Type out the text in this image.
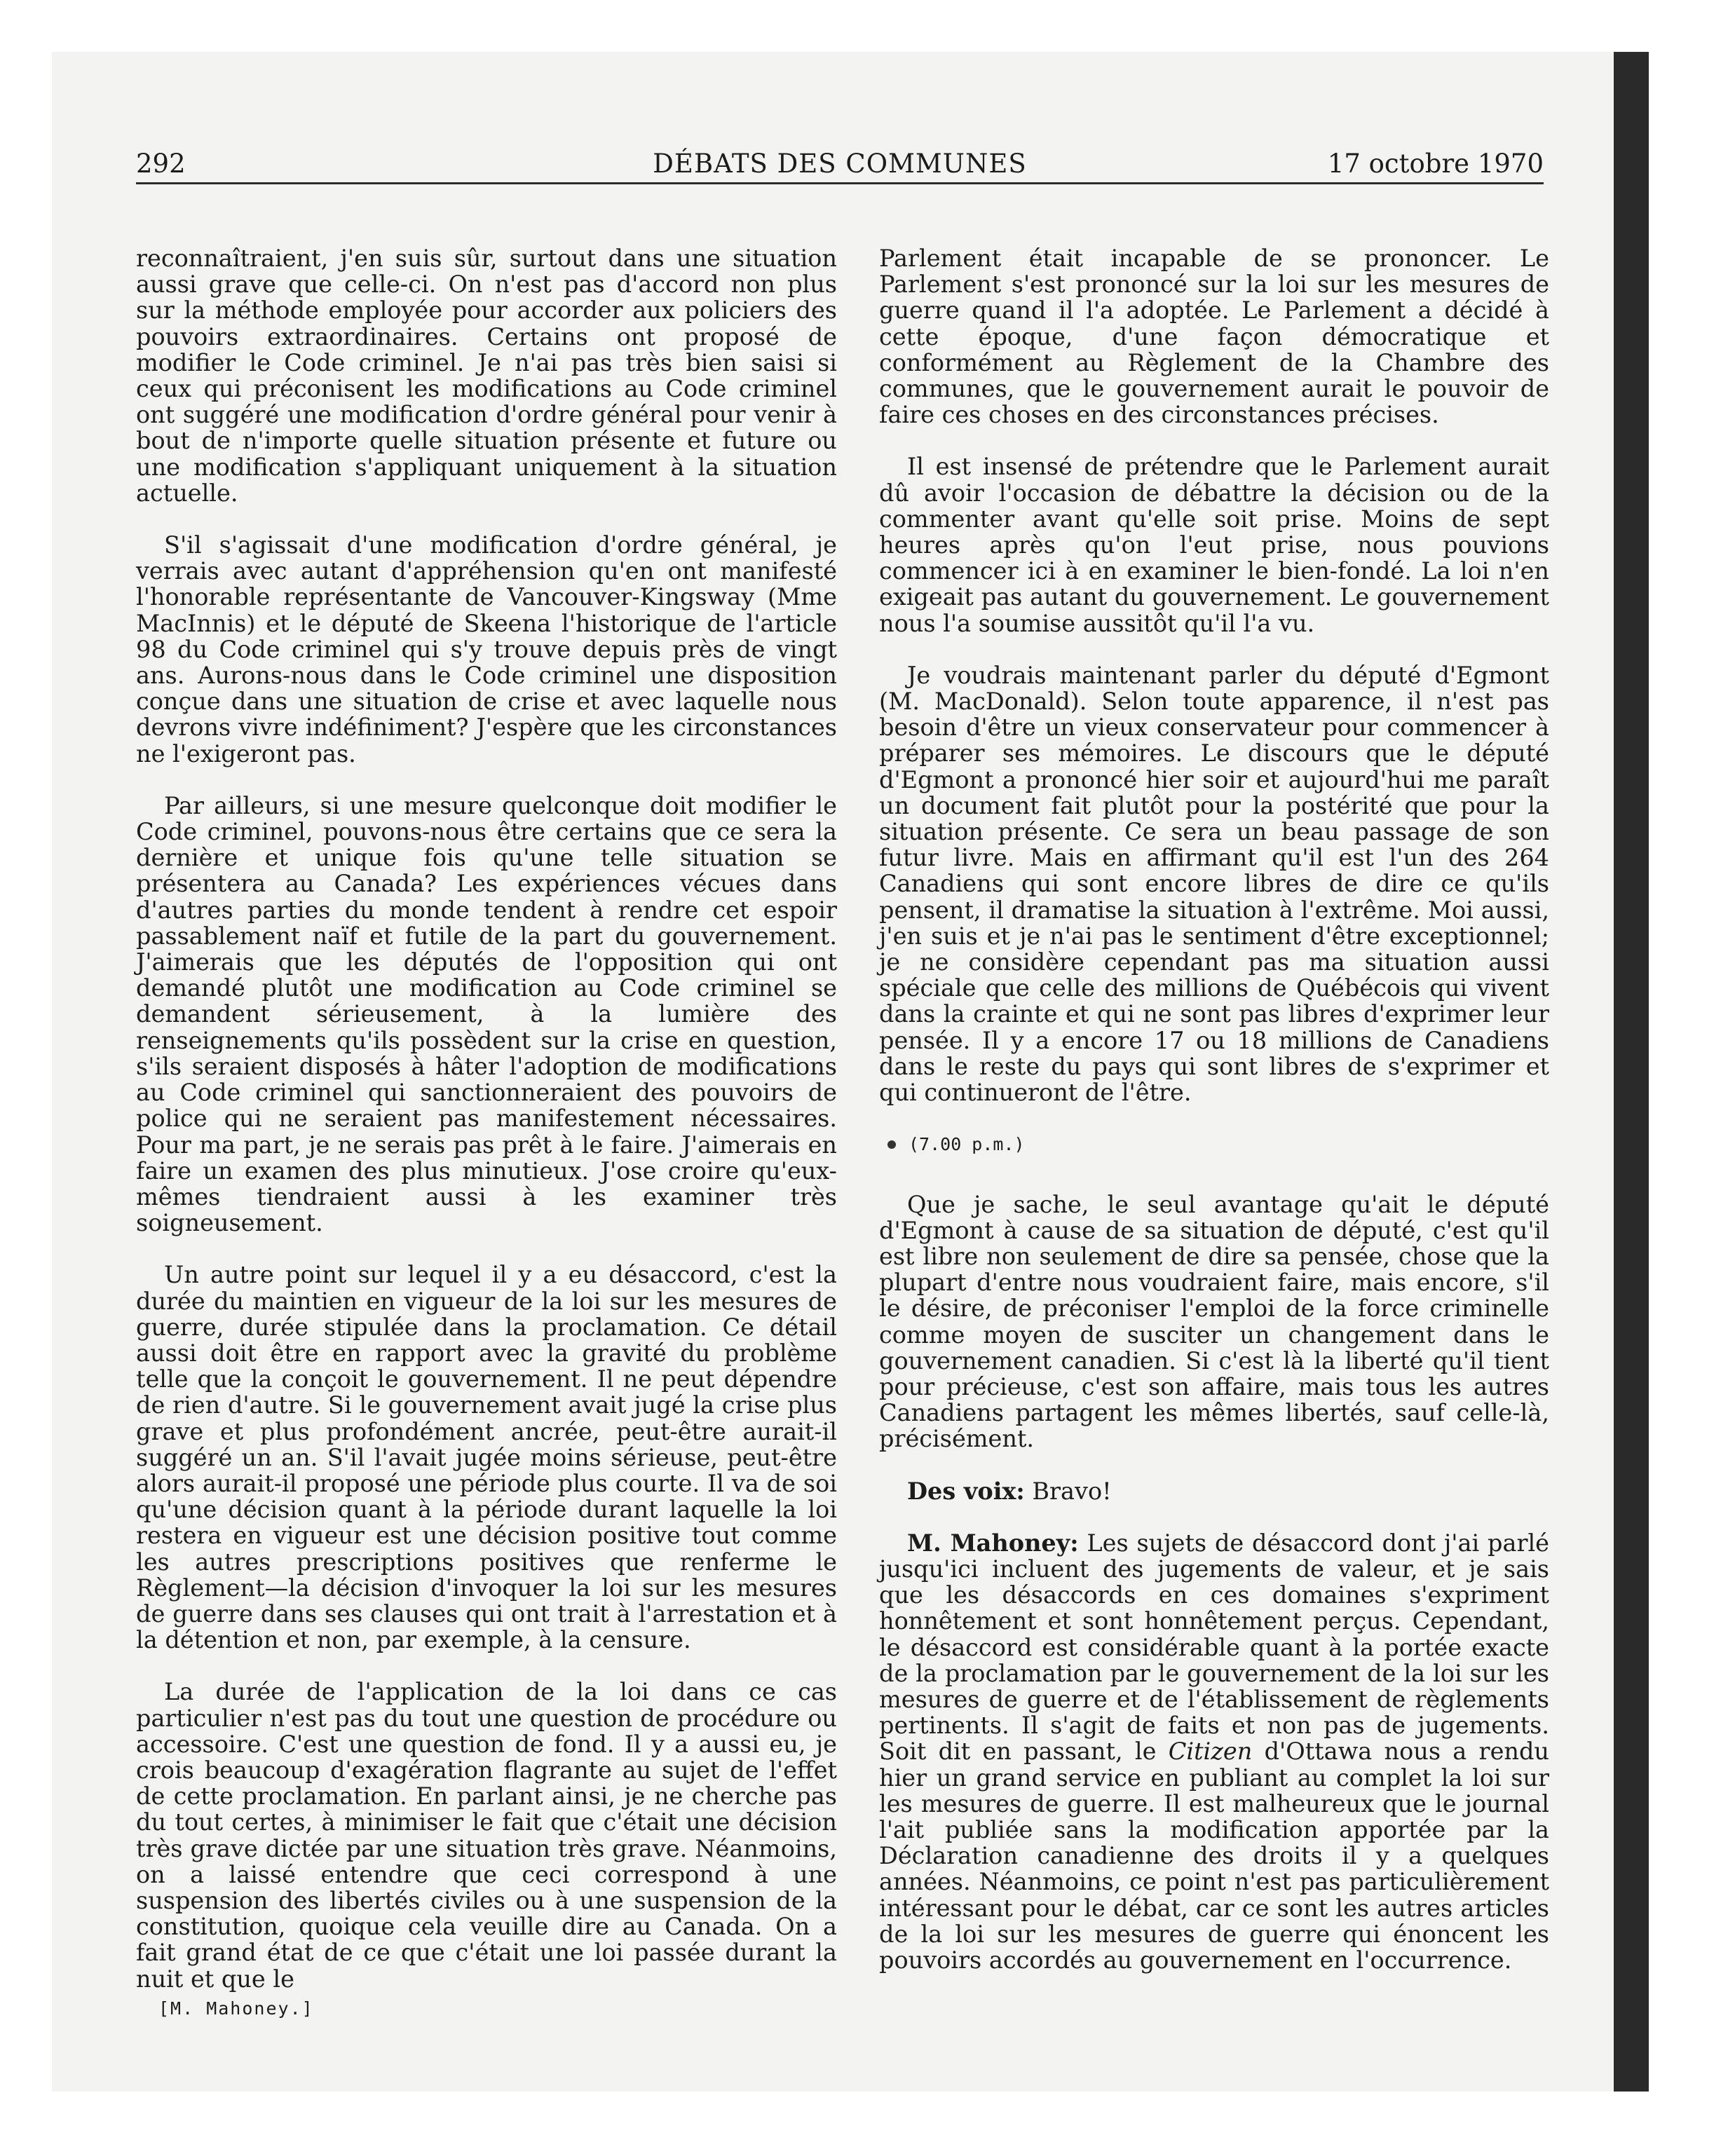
292	DÉBATS DES COMMUNES	17 octobre 1970

reconnaîtraient, j'en suis sûr, surtout dans une situation aussi grave que celle-ci. On n'est pas d'accord non plus sur la méthode employée pour accorder aux policiers des pouvoirs extraordinaires. Certains ont proposé de modifier le Code criminel. Je n'ai pas très bien saisi si ceux qui préconisent les modifications au Code criminel ont suggéré une modification d'ordre général pour venir à bout de n'importe quelle situation présente et future ou une modification s'appliquant uniquement à la situation actuelle.

S'il s'agissait d'une modification d'ordre général, je verrais avec autant d'appréhension qu'en ont manifesté l'honorable représentante de Vancouver-Kingsway (Mme MacInnis) et le député de Skeena l'historique de l'article 98 du Code criminel qui s'y trouve depuis près de vingt ans. Aurons-nous dans le Code criminel une disposition conçue dans une situation de crise et avec laquelle nous devrons vivre indéfiniment? J'espère que les circonstances ne l'exigeront pas.

Par ailleurs, si une mesure quelconque doit modifier le Code criminel, pouvons-nous être certains que ce sera la dernière et unique fois qu'une telle situation se présentera au Canada? Les expériences vécues dans d'autres parties du monde tendent à rendre cet espoir passablement naïf et futile de la part du gouvernement. J'aimerais que les députés de l'opposition qui ont demandé plutôt une modification au Code criminel se demandent sérieusement, à la lumière des renseignements qu'ils possèdent sur la crise en question, s'ils seraient disposés à hâter l'adoption de modifications au Code criminel qui sanctionneraient des pouvoirs de police qui ne seraient pas manifestement nécessaires. Pour ma part, je ne serais pas prêt à le faire. J'aimerais en faire un examen des plus minutieux. J'ose croire qu'eux-mêmes tiendraient aussi à les examiner très soigneusement.

Un autre point sur lequel il y a eu désaccord, c'est la durée du maintien en vigueur de la loi sur les mesures de guerre, durée stipulée dans la proclamation. Ce détail aussi doit être en rapport avec la gravité du problème telle que la conçoit le gouvernement. Il ne peut dépendre de rien d'autre. Si le gouvernement avait jugé la crise plus grave et plus profondément ancrée, peut-être aurait-il suggéré un an. S'il l'avait jugée moins sérieuse, peut-être alors aurait-il proposé une période plus courte. Il va de soi qu'une décision quant à la période durant laquelle la loi restera en vigueur est une décision positive tout comme les autres prescriptions positives que renferme le Règlement—la décision d'invoquer la loi sur les mesures de guerre dans ses clauses qui ont trait à l'arrestation et à la détention et non, par exemple, à la censure.

La durée de l'application de la loi dans ce cas particulier n'est pas du tout une question de procédure ou accessoire. C'est une question de fond. Il y a aussi eu, je crois beaucoup d'exagération flagrante au sujet de l'effet de cette proclamation. En parlant ainsi, je ne cherche pas du tout certes, à minimiser le fait que c'était une décision très grave dictée par une situation très grave. Néanmoins, on a laissé entendre que ceci correspond à une suspension des libertés civiles ou à une suspension de la constitution, quoique cela veuille dire au Canada. On a fait grand état de ce que c'était une loi passée durant la nuit et que le

Parlement était incapable de se prononcer. Le Parlement s'est prononcé sur la loi sur les mesures de guerre quand il l'a adoptée. Le Parlement a décidé à cette époque, d'une façon démocratique et conformément au Règlement de la Chambre des communes, que le gouvernement aurait le pouvoir de faire ces choses en des circonstances précises.

Il est insensé de prétendre que le Parlement aurait dû avoir l'occasion de débattre la décision ou de la commenter avant qu'elle soit prise. Moins de sept heures après qu'on l'eut prise, nous pouvions commencer ici à en examiner le bien-fondé. La loi n'en exigeait pas autant du gouvernement. Le gouvernement nous l'a soumise aussitôt qu'il l'a vu.

Je voudrais maintenant parler du député d'Egmont (M. MacDonald). Selon toute apparence, il n'est pas besoin d'être un vieux conservateur pour commencer à préparer ses mémoires. Le discours que le député d'Egmont a prononcé hier soir et aujourd'hui me paraît un document fait plutôt pour la postérité que pour la situation présente. Ce sera un beau passage de son futur livre. Mais en affirmant qu'il est l'un des 264 Canadiens qui sont encore libres de dire ce qu'ils pensent, il dramatise la situation à l'extrême. Moi aussi, j'en suis et je n'ai pas le sentiment d'être exceptionnel; je ne considère cependant pas ma situation aussi spéciale que celle des millions de Québécois qui vivent dans la crainte et qui ne sont pas libres d'exprimer leur pensée. Il y a encore 17 ou 18 millions de Canadiens dans le reste du pays qui sont libres de s'exprimer et qui continueront de l'être.

(7.00 p.m.)

Que je sache, le seul avantage qu'ait le député d'Egmont à cause de sa situation de député, c'est qu'il est libre non seulement de dire sa pensée, chose que la plupart d'entre nous voudraient faire, mais encore, s'il le désire, de préconiser l'emploi de la force criminelle comme moyen de susciter un changement dans le gouvernement canadien. Si c'est là la liberté qu'il tient pour précieuse, c'est son affaire, mais tous les autres Canadiens partagent les mêmes libertés, sauf celle-là, précisément.

Des voix: Bravo!

M. Mahoney: Les sujets de désaccord dont j'ai parlé jusqu'ici incluent des jugements de valeur, et je sais que les désaccords en ces domaines s'expriment honnêtement et sont honnêtement perçus. Cependant, le désaccord est considérable quant à la portée exacte de la proclamation par le gouvernement de la loi sur les mesures de guerre et de l'établissement de règlements pertinents. Il s'agit de faits et non pas de jugements. Soit dit en passant, le Citizen d'Ottawa nous a rendu hier un grand service en publiant au complet la loi sur les mesures de guerre. Il est malheureux que le journal l'ait publiée sans la modification apportée par la Déclaration canadienne des droits il y a quelques années. Néanmoins, ce point n'est pas particulièrement intéressant pour le débat, car ce sont les autres articles de la loi sur les mesures de guerre qui énoncent les pouvoirs accordés au gouvernement en l'occurrence.

[M. Mahoney.]
